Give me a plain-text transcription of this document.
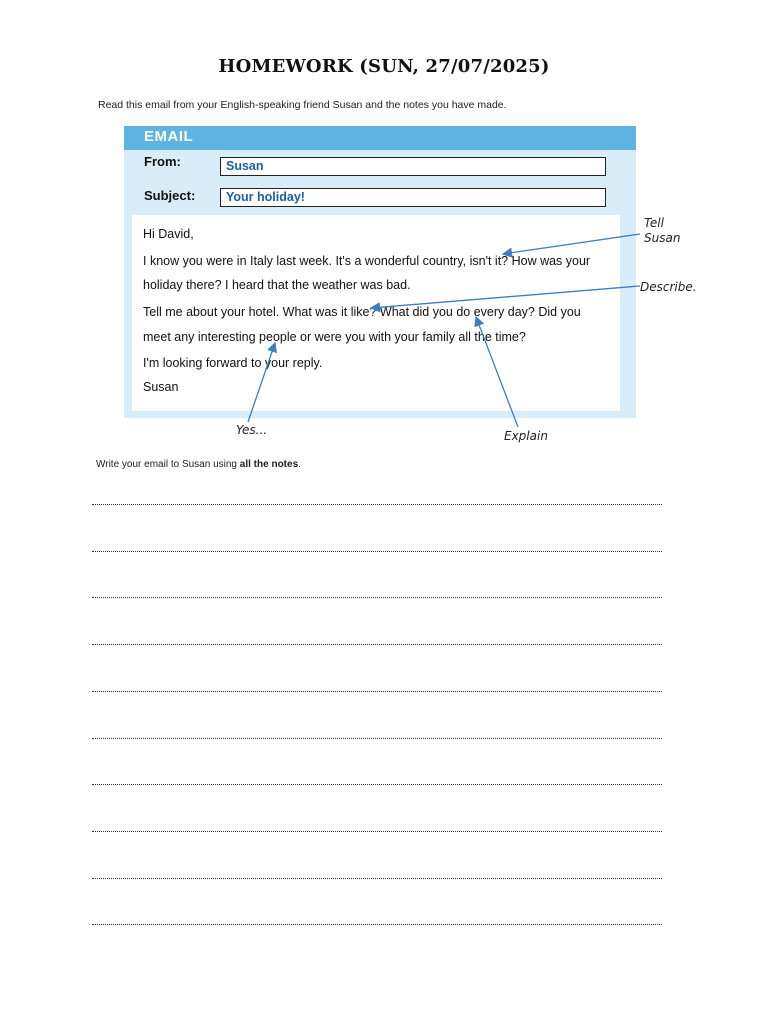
HOMEWORK (SUN, 27/07/2025)
Read this email from your English-speaking friend Susan and the notes you have made.
EMAIL
From:	Susan
Subject: Your holiday!
Hi David,
I know you were in Italy last week. It's a wonderful country, isn't it? How was your
holiday there? I heard that the weather was bad.
Tell me about your hotel. What was it like? What did you do every day? Did you
meet any interesting people or were you with your family all the time?
I'm looking forward to your reply.
Susan
Tell
Susan
Describe.
Yes...	Explain
Write your email to Susan using all the notes.
